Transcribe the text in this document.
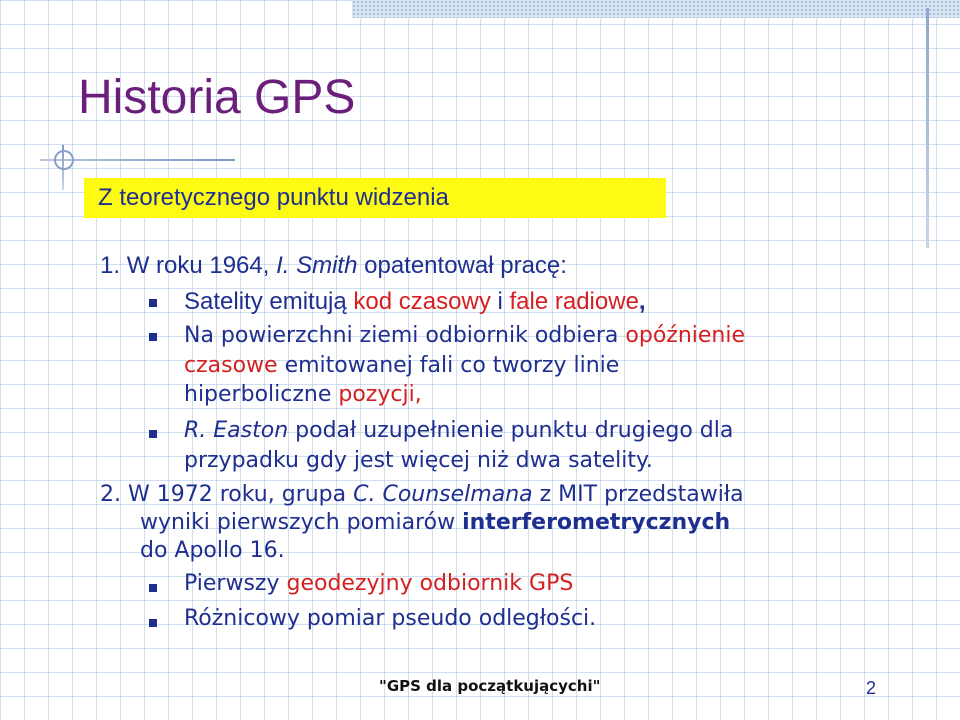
Historia GPS
Z teoretycznego punktu widzenia
1. W roku 1964, I. Smith opatentował pracę:
Satelity emitują kod czasowy i fale radiowe,
Na powierzchni ziemi odbiornik odbiera opóźnienie
czasowe emitowanej fali co tworzy linie
hiperboliczne pozycji,
R. Easton podał uzupełnienie punktu drugiego dla
przypadku gdy jest więcej niż dwa satelity.
2. W 1972 roku, grupa C. Counselmana z MIT przedstawiła
wyniki pierwszych pomiarów interferometrycznych
do Apollo 16.
Pierwszy geodezyjny odbiornik GPS
Różnicowy pomiar pseudo odległości.
"GPS dla początkującychi"	2
